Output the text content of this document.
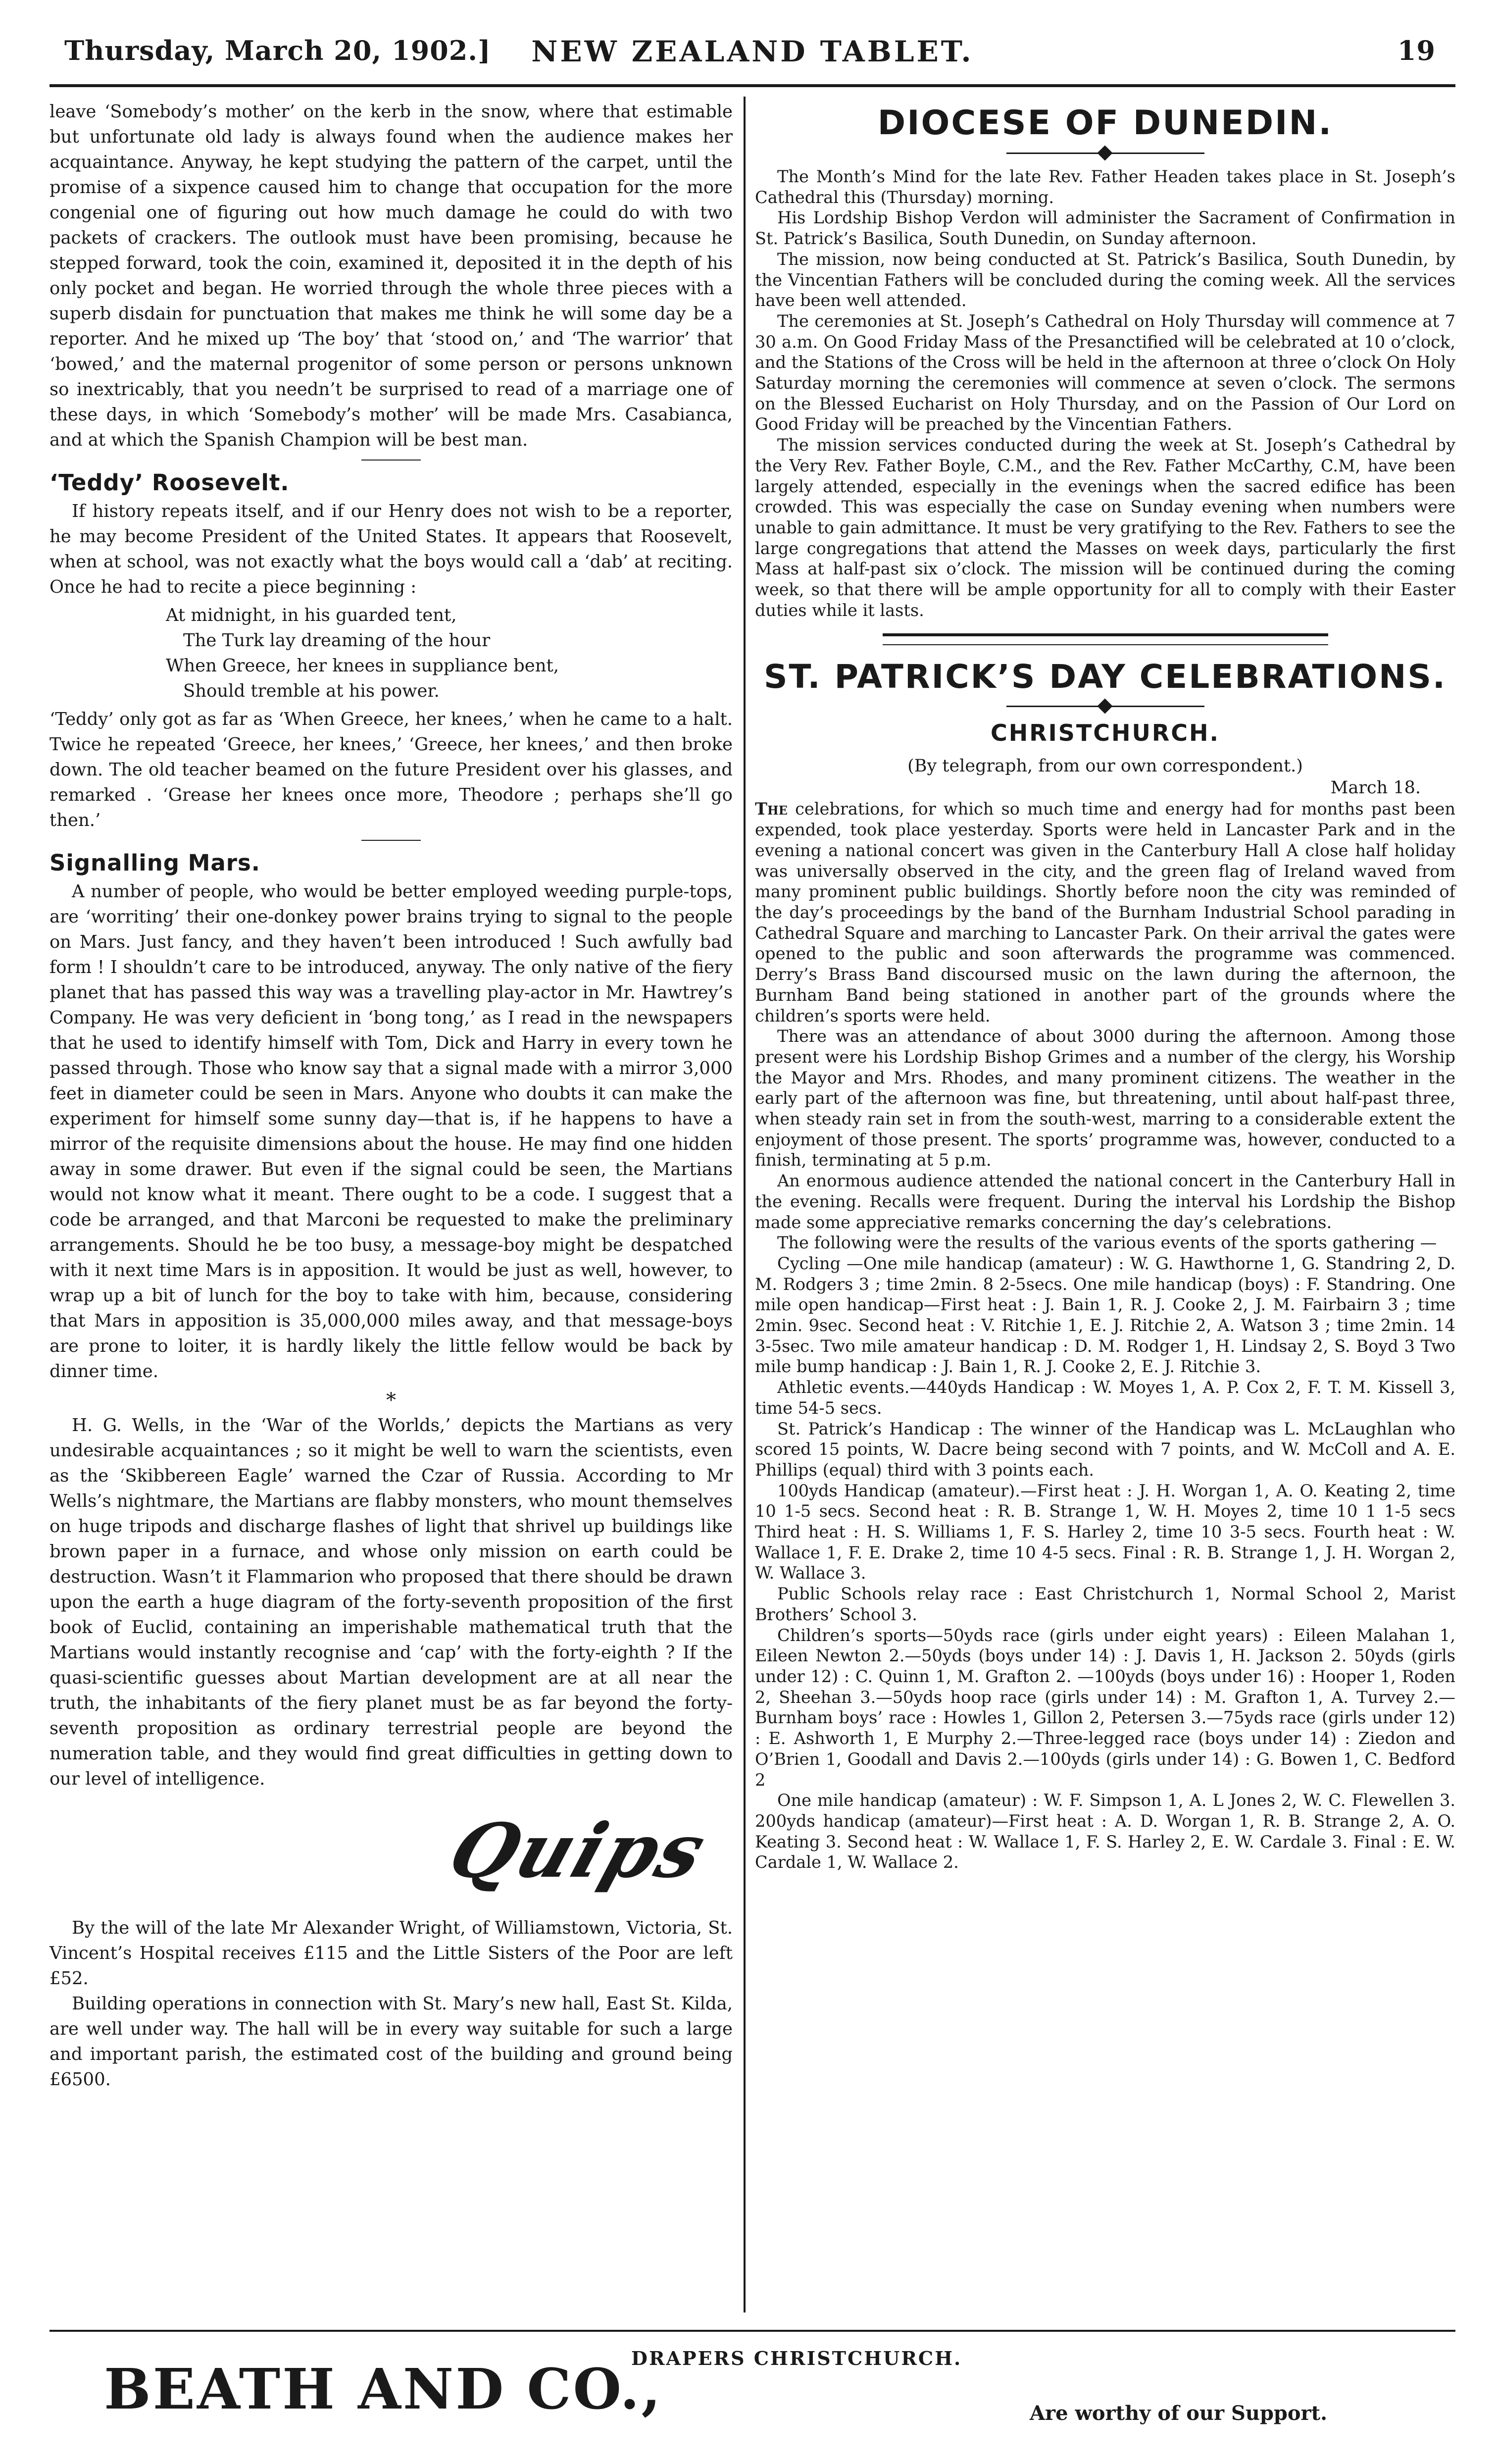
Thursday, March 20, 1902.]	NEW ZEALAND TABLET.	19

leave ‘Somebody’s mother’ on the kerb in the snow, where that estimable but unfortunate old lady is always found when the audience makes her acquaintance. Anyway, he kept studying the pattern of the carpet, until the promise of a sixpence caused him to change that occupation for the more congenial one of figuring out how much damage he could do with two packets of crackers. The outlook must have been promising, because he stepped forward, took the coin, examined it, deposited it in the depth of his only pocket and began. He worried through the whole three pieces with a superb disdain for punctuation that makes me think he will some day be a reporter. And he mixed up ‘The boy’ that ‘stood on,’ and ‘The warrior’ that ‘bowed,’ and the maternal progenitor of some person or persons unknown so inextricably, that you needn’t be surprised to read of a marriage one of these days, in which ‘Somebody’s mother’ will be made Mrs. Casabianca, and at which the Spanish Champion will be best man.

‘Teddy’ Roosevelt.

If history repeats itself, and if our Henry does not wish to be a reporter, he may become President of the United States. It appears that Roosevelt, when at school, was not exactly what the boys would call a ‘dab’ at reciting. Once he had to recite a piece beginning :

At midnight, in his guarded tent,
The Turk lay dreaming of the hour
When Greece, her knees in suppliance bent,
Should tremble at his power.

‘Teddy’ only got as far as ‘When Greece, her knees,’ when he came to a halt. Twice he repeated ‘Greece, her knees,’ ‘Greece, her knees,’ and then broke down. The old teacher beamed on the future President over his glasses, and remarked . ‘Grease her knees once more, Theodore ; perhaps she’ll go then.’

Signalling Mars.

A number of people, who would be better employed weeding purple-tops, are ‘worriting’ their one-donkey power brains trying to signal to the people on Mars. Just fancy, and they haven’t been introduced ! Such awfully bad form ! I shouldn’t care to be introduced, anyway. The only native of the fiery planet that has passed this way was a travelling play-actor in Mr. Hawtrey’s Company. He was very deficient in ‘bong tong,’ as I read in the newspapers that he used to identify himself with Tom, Dick and Harry in every town he passed through. Those who know say that a signal made with a mirror 3,000 feet in diameter could be seen in Mars. Anyone who doubts it can make the experiment for himself some sunny day—that is, if he happens to have a mirror of the requisite dimensions about the house. He may find one hidden away in some drawer. But even if the signal could be seen, the Martians would not know what it meant. There ought to be a code. I suggest that a code be arranged, and that Marconi be requested to make the preliminary arrangements. Should he be too busy, a message-boy might be despatched with it next time Mars is in apposition. It would be just as well, however, to wrap up a bit of lunch for the boy to take with him, because, considering that Mars in apposition is 35,000,000 miles away, and that message-boys are prone to loiter, it is hardly likely the little fellow would be back by dinner time.

*

H. G. Wells, in the ‘War of the Worlds,’ depicts the Martians as very undesirable acquaintances ; so it might be well to warn the scientists, even as the ‘Skibbereen Eagle’ warned the Czar of Russia. According to Mr Wells’s nightmare, the Martians are flabby monsters, who mount themselves on huge tripods and discharge flashes of light that shrivel up buildings like brown paper in a furnace, and whose only mission on earth could be destruction. Wasn’t it Flammarion who proposed that there should be drawn upon the earth a huge diagram of the forty-seventh proposition of the first book of Euclid, containing an imperishable mathematical truth that the Martians would instantly recognise and ‘cap’ with the forty-eighth ? If the quasi-scientific guesses about Martian development are at all near the truth, the inhabitants of the fiery planet must be as far beyond the forty-seventh proposition as ordinary terrestrial people are beyond the numeration table, and they would find great difficulties in getting down to our level of intelligence.

Quips

By the will of the late Mr Alexander Wright, of Williamstown, Victoria, St. Vincent’s Hospital receives £115 and the Little Sisters of the Poor are left £52.

Building operations in connection with St. Mary’s new hall, East St. Kilda, are well under way. The hall will be in every way suitable for such a large and important parish, the estimated cost of the building and ground being £6500.

DIOCESE OF DUNEDIN.

The Month’s Mind for the late Rev. Father Headen takes place in St. Joseph’s Cathedral this (Thursday) morning.

His Lordship Bishop Verdon will administer the Sacrament of Confirmation in St. Patrick’s Basilica, South Dunedin, on Sunday afternoon.

The mission, now being conducted at St. Patrick’s Basilica, South Dunedin, by the Vincentian Fathers will be concluded during the coming week. All the services have been well attended.

The ceremonies at St. Joseph’s Cathedral on Holy Thursday will commence at 7 30 a.m. On Good Friday Mass of the Presanctified will be celebrated at 10 o’clock, and the Stations of the Cross will be held in the afternoon at three o’clock On Holy Saturday morning the ceremonies will commence at seven o’clock. The sermons on the Blessed Eucharist on Holy Thursday, and on the Passion of Our Lord on Good Friday will be preached by the Vincentian Fathers.

The mission services conducted during the week at St. Joseph’s Cathedral by the Very Rev. Father Boyle, C.M., and the Rev. Father McCarthy, C.M, have been largely attended, especially in the evenings when the sacred edifice has been crowded. This was especially the case on Sunday evening when numbers were unable to gain admittance. It must be very gratifying to the Rev. Fathers to see the large congregations that attend the Masses on week days, particularly the first Mass at half-past six o’clock. The mission will be continued during the coming week, so that there will be ample opportunity for all to comply with their Easter duties while it lasts.

ST. PATRICK’S DAY CELEBRATIONS.
CHRISTCHURCH.
(By telegraph, from our own correspondent.)
March 18.

The celebrations, for which so much time and energy had for months past been expended, took place yesterday. Sports were held in Lancaster Park and in the evening a national concert was given in the Canterbury Hall A close half holiday was universally observed in the city, and the green flag of Ireland waved from many prominent public buildings. Shortly before noon the city was reminded of the day’s proceedings by the band of the Burnham Industrial School parading in Cathedral Square and marching to Lancaster Park. On their arrival the gates were opened to the public and soon afterwards the programme was commenced. Derry’s Brass Band discoursed music on the lawn during the afternoon, the Burnham Band being stationed in another part of the grounds where the children’s sports were held.

There was an attendance of about 3000 during the afternoon. Among those present were his Lordship Bishop Grimes and a number of the clergy, his Worship the Mayor and Mrs. Rhodes, and many prominent citizens. The weather in the early part of the afternoon was fine, but threatening, until about half-past three, when steady rain set in from the south-west, marring to a considerable extent the enjoyment of those present. The sports’ programme was, however, conducted to a finish, terminating at 5 p.m.

An enormous audience attended the national concert in the Canterbury Hall in the evening. Recalls were frequent. During the interval his Lordship the Bishop made some appreciative remarks concerning the day’s celebrations.

The following were the results of the various events of the sports gathering —

Cycling —One mile handicap (amateur) : W. G. Hawthorne 1, G. Standring 2, D. M. Rodgers 3 ; time 2min. 8 2-5secs. One mile handicap (boys) : F. Standring. One mile open handicap—First heat : J. Bain 1, R. J. Cooke 2, J. M. Fairbairn 3 ; time 2min. 9sec. Second heat : V. Ritchie 1, E. J. Ritchie 2, A. Watson 3 ; time 2min. 14 3-5sec. Two mile amateur handicap : D. M. Rodger 1, H. Lindsay 2, S. Boyd 3 Two mile bump handicap : J. Bain 1, R. J. Cooke 2, E. J. Ritchie 3.

Athletic events.—440yds Handicap : W. Moyes 1, A. P. Cox 2, F. T. M. Kissell 3, time 54-5 secs.

St. Patrick’s Handicap : The winner of the Handicap was L. McLaughlan who scored 15 points, W. Dacre being second with 7 points, and W. McColl and A. E. Phillips (equal) third with 3 points each.

100yds Handicap (amateur).—First heat : J. H. Worgan 1, A. O. Keating 2, time 10 1-5 secs. Second heat : R. B. Strange 1, W. H. Moyes 2, time 10 1 1-5 secs Third heat : H. S. Williams 1, F. S. Harley 2, time 10 3-5 secs. Fourth heat : W. Wallace 1, F. E. Drake 2, time 10 4-5 secs. Final : R. B. Strange 1, J. H. Worgan 2, W. Wallace 3.

Public Schools relay race : East Christchurch 1, Normal School 2, Marist Brothers’ School 3.

Children’s sports—50yds race (girls under eight years) : Eileen Malahan 1, Eileen Newton 2.—50yds (boys under 14) : J. Davis 1, H. Jackson 2. 50yds (girls under 12) : C. Quinn 1, M. Grafton 2. —100yds (boys under 16) : Hooper 1, Roden 2, Sheehan 3.—50yds hoop race (girls under 14) : M. Grafton 1, A. Turvey 2.—Burnham boys’ race : Howles 1, Gillon 2, Petersen 3.—75yds race (girls under 12) : E. Ashworth 1, E Murphy 2.—Three-legged race (boys under 14) : Ziedon and O’Brien 1, Goodall and Davis 2.—100yds (girls under 14) : G. Bowen 1, C. Bedford 2

One mile handicap (amateur) : W. F. Simpson 1, A. L Jones 2, W. C. Flewellen 3. 200yds handicap (amateur)—First heat : A. D. Worgan 1, R. B. Strange 2, A. O. Keating 3. Second heat : W. Wallace 1, F. S. Harley 2, E. W. Cardale 3. Final : E. W. Cardale 1, W. Wallace 2.

BEATH AND CO.,
DRAPERS CHRISTCHURCH.
Are worthy of our Support.
